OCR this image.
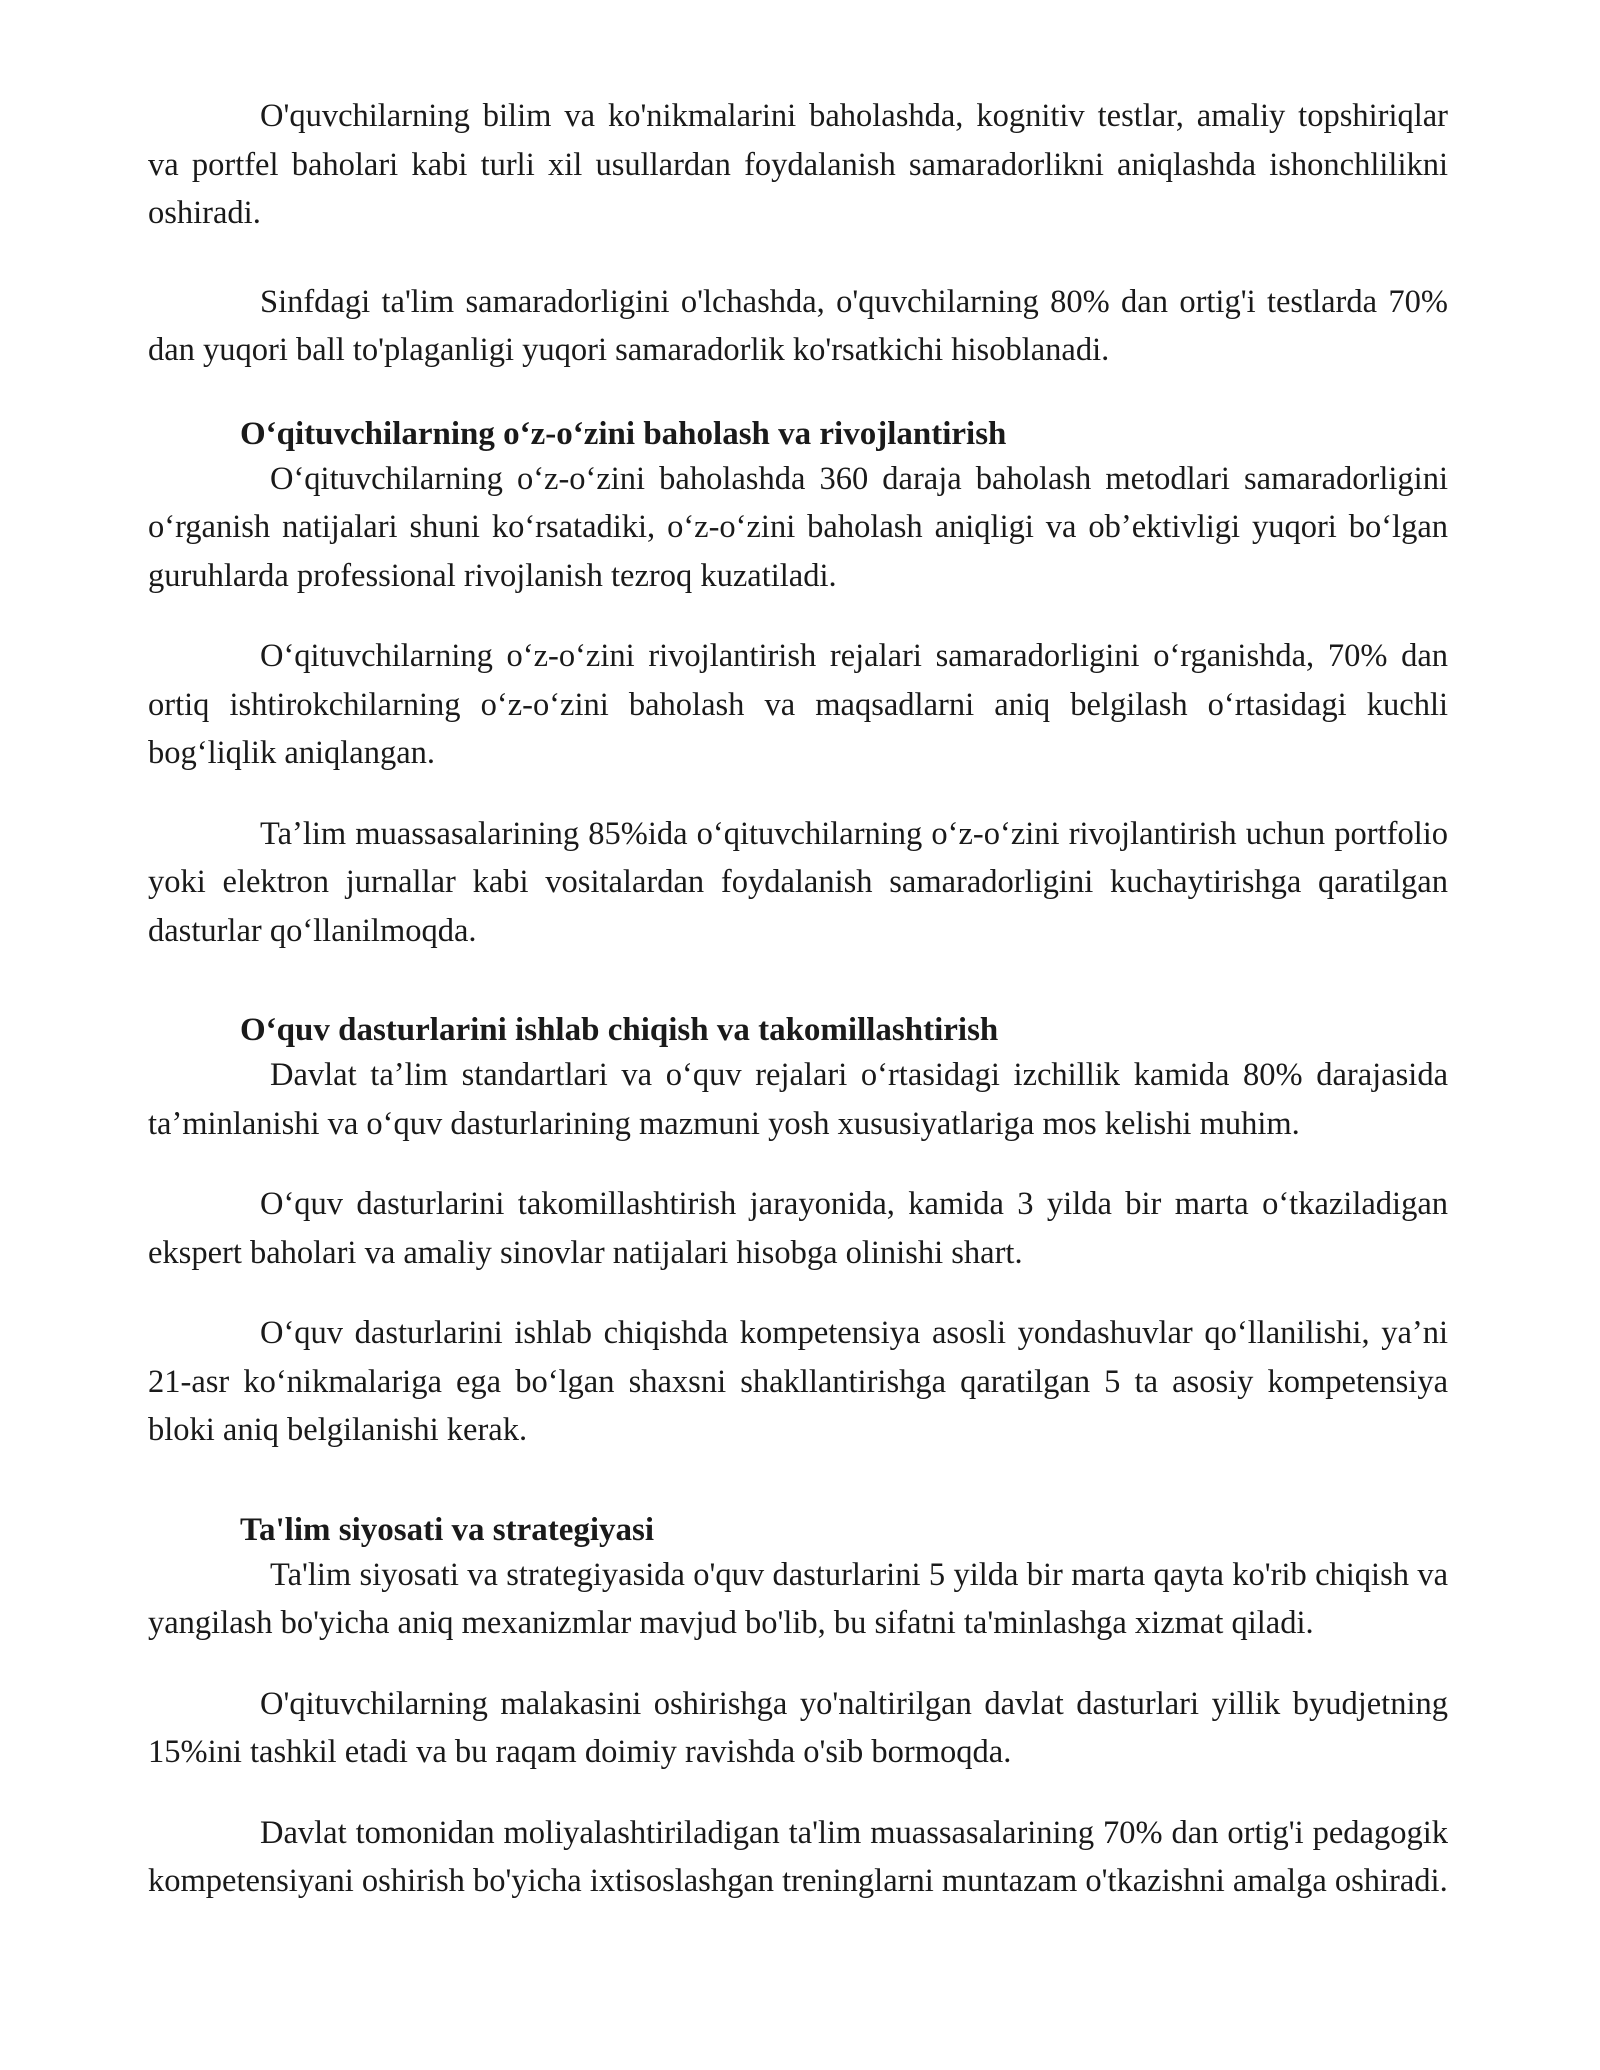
O'quvchilarning bilim va ko'nikmalarini baholashda, kognitiv testlar, amaliy topshiriqlar va portfel baholari kabi turli xil usullardan foydalanish samaradorlikni aniqlashda ishonchlilikni oshiradi.

Sinfdagi ta'lim samaradorligini o'lchashda, o'quvchilarning 80% dan ortig'i testlarda 70% dan yuqori ball to'plaganligi yuqori samaradorlik ko'rsatkichi hisoblanadi.

Oʻqituvchilarning oʻz-oʻzini baholash va rivojlantirish

Oʻqituvchilarning oʻz-oʻzini baholashda 360 daraja baholash metodlari samaradorligini oʻrganish natijalari shuni koʻrsatadiki, oʻz-oʻzini baholash aniqligi va obʼektivligi yuqori boʻlgan guruhlarda professional rivojlanish tezroq kuzatiladi.

Oʻqituvchilarning oʻz-oʻzini rivojlantirish rejalari samaradorligini oʻrganishda, 70% dan ortiq ishtirokchilarning oʻz-oʻzini baholash va maqsadlarni aniq belgilash oʻrtasidagi kuchli bogʻliqlik aniqlangan.

Taʼlim muassasalarining 85%ida oʻqituvchilarning oʻz-oʻzini rivojlantirish uchun portfolio yoki elektron jurnallar kabi vositalardan foydalanish samaradorligini kuchaytirishga qaratilgan dasturlar qoʻllanilmoqda.

Oʻquv dasturlarini ishlab chiqish va takomillashtirish

Davlat taʼlim standartlari va oʻquv rejalari oʻrtasidagi izchillik kamida 80% darajasida taʼminlanishi va oʻquv dasturlarining mazmuni yosh xususiyatlariga mos kelishi muhim.

Oʻquv dasturlarini takomillashtirish jarayonida, kamida 3 yilda bir marta oʻtkaziladigan ekspert baholari va amaliy sinovlar natijalari hisobga olinishi shart.

Oʻquv dasturlarini ishlab chiqishda kompetensiya asosli yondashuvlar qoʻllanilishi, yaʼni 21-asr koʻnikmalariga ega boʻlgan shaxsni shakllantirishga qaratilgan 5 ta asosiy kompetensiya bloki aniq belgilanishi kerak.

Ta'lim siyosati va strategiyasi

Ta'lim siyosati va strategiyasida o'quv dasturlarini 5 yilda bir marta qayta ko'rib chiqish va yangilash bo'yicha aniq mexanizmlar mavjud bo'lib, bu sifatni ta'minlashga xizmat qiladi.

O'qituvchilarning malakasini oshirishga yo'naltirilgan davlat dasturlari yillik byudjetning 15%ini tashkil etadi va bu raqam doimiy ravishda o'sib bormoqda.

Davlat tomonidan moliyalashtiriladigan ta'lim muassasalarining 70% dan ortig'i pedagogik kompetensiyani oshirish bo'yicha ixtisoslashgan treninglarni muntazam o'tkazishni amalga oshiradi.
